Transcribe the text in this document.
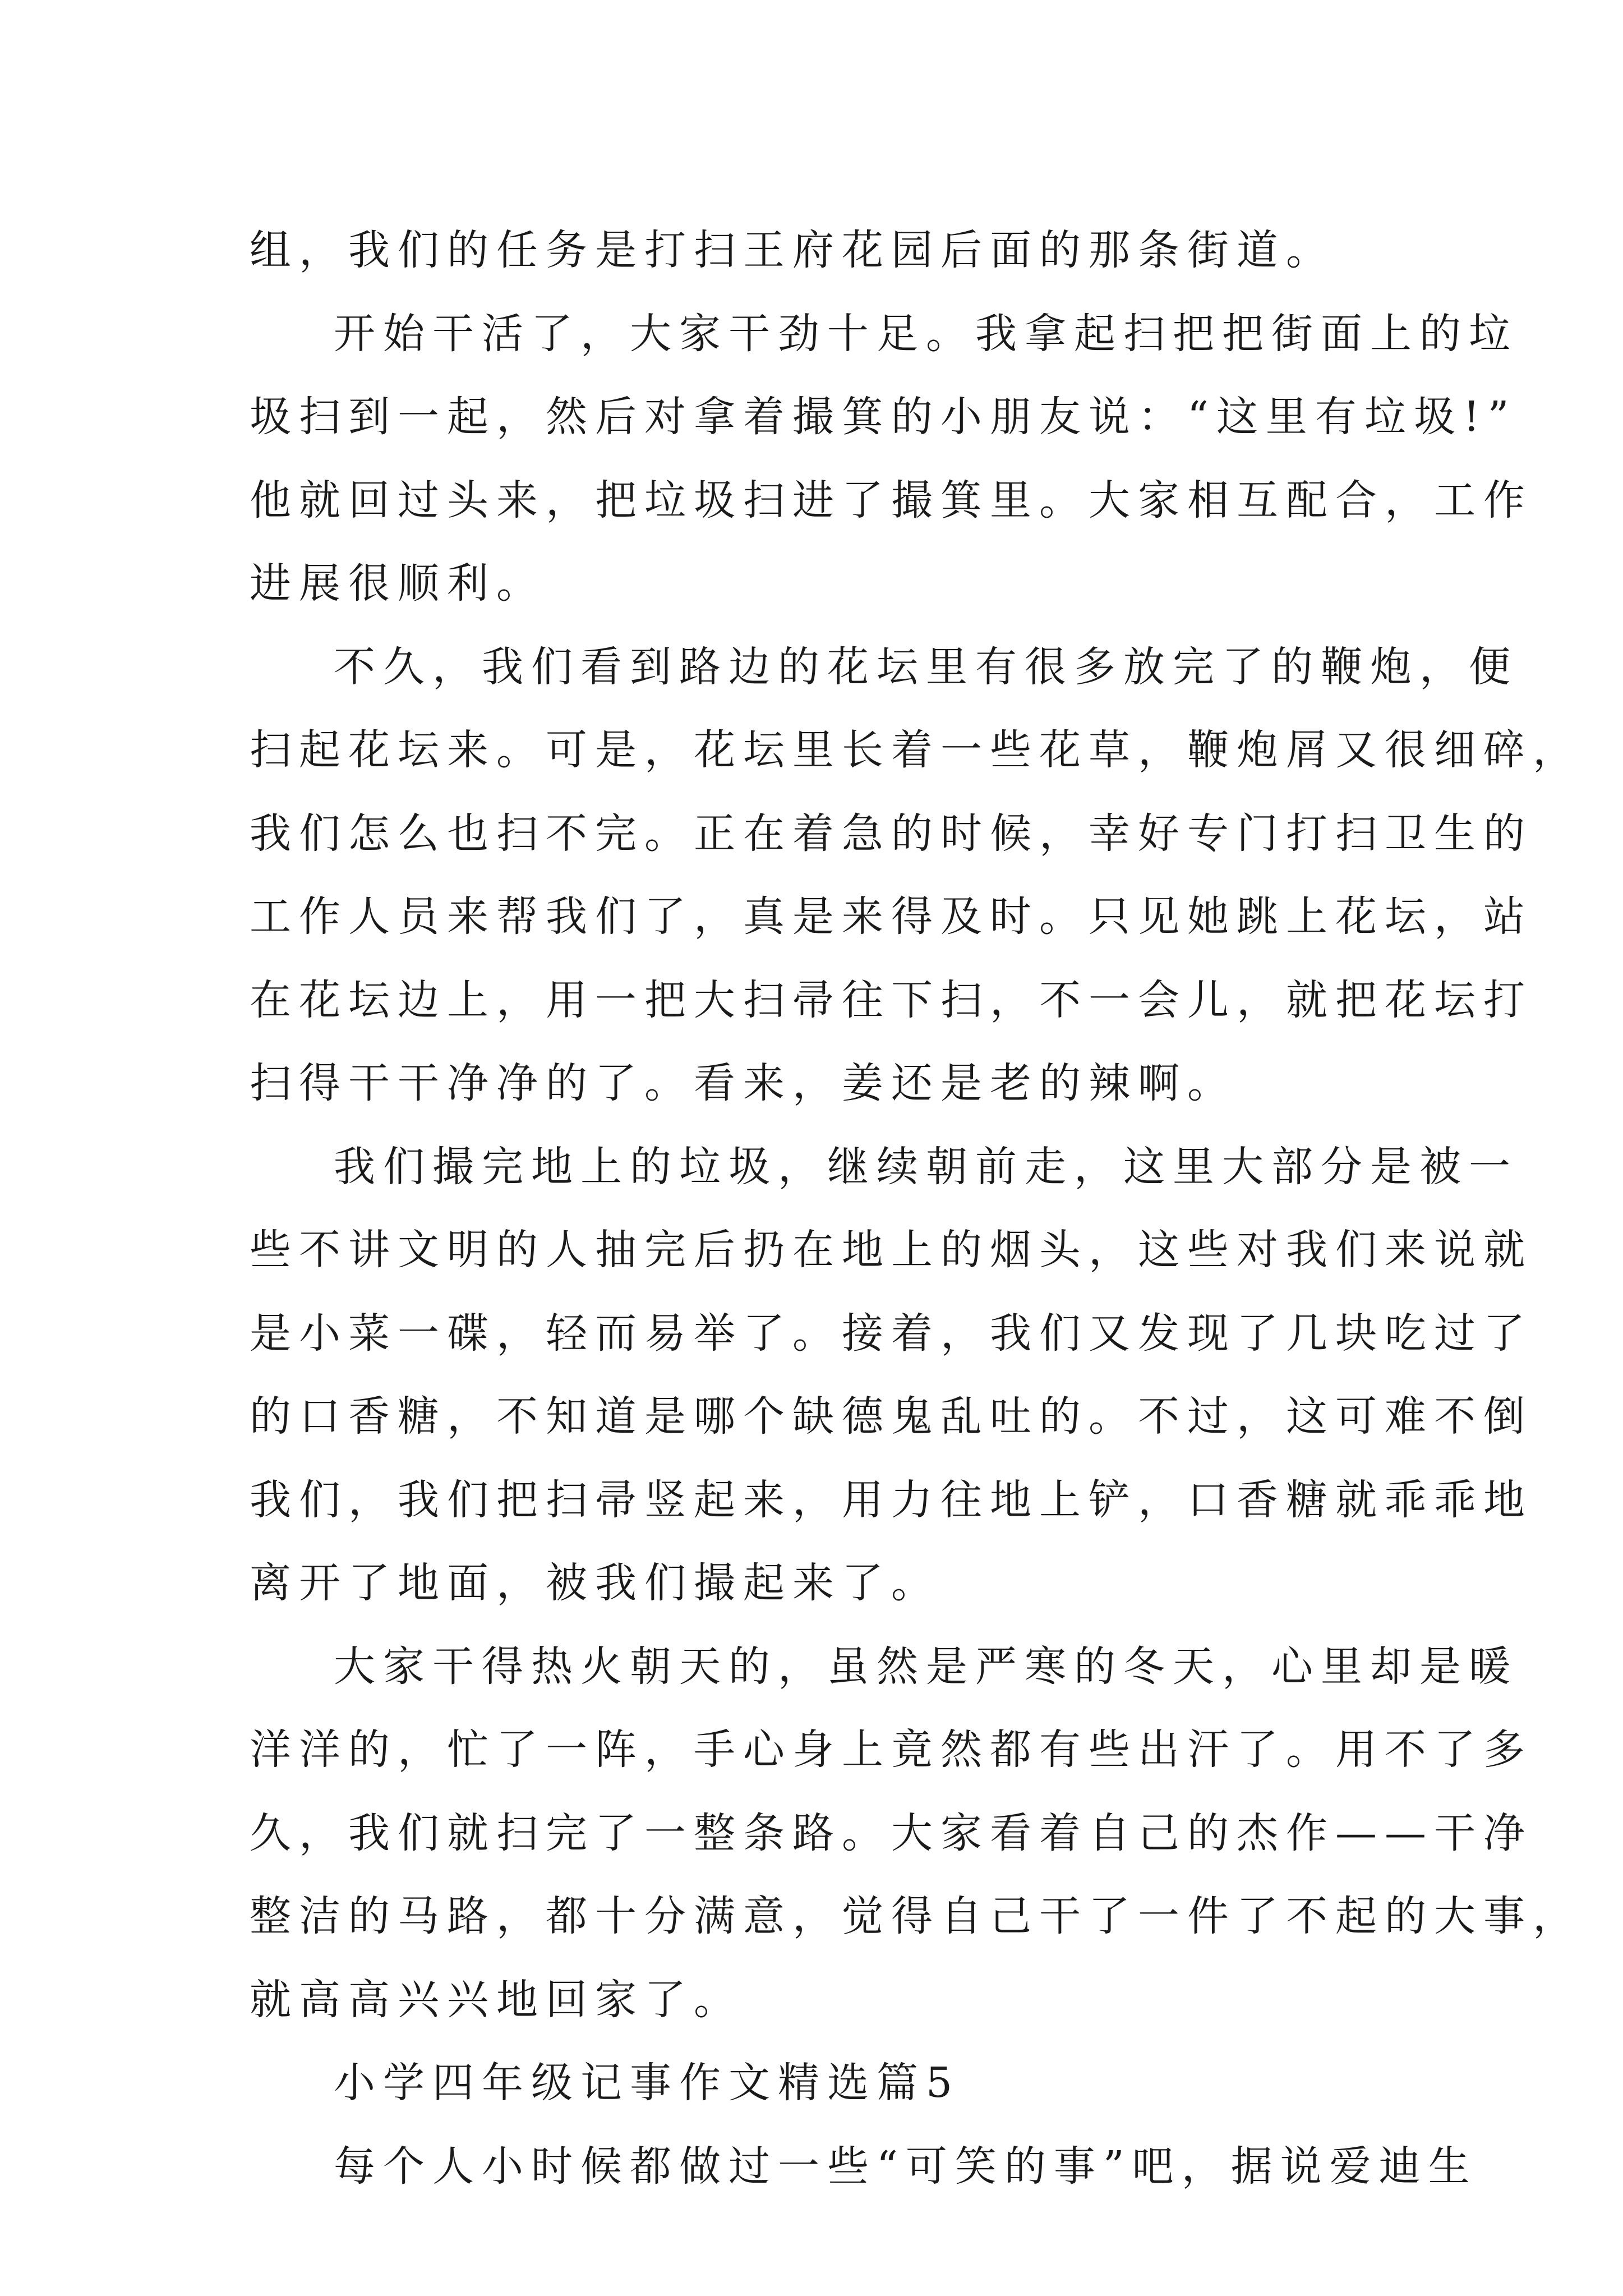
组，我们的任务是打扫王府花园后面的那条街道。
开始干活了，大家干劲十足。我拿起扫把把街面上的垃
圾扫到一起，然后对拿着撮箕的小朋友说：“这里有垃圾!”
他就回过头来，把垃圾扫进了撮箕里。大家相互配合，工作
进展很顺利。
不久，我们看到路边的花坛里有很多放完了的鞭炮，便
扫起花坛来。可是，花坛里长着一些花草，鞭炮屑又很细碎，
我们怎么也扫不完。正在着急的时候，幸好专门打扫卫生的
工作人员来帮我们了，真是来得及时。只见她跳上花坛，站
在花坛边上，用一把大扫帚往下扫，不一会儿，就把花坛打
扫得干干净净的了。看来，姜还是老的辣啊。
我们撮完地上的垃圾，继续朝前走，这里大部分是被一
些不讲文明的人抽完后扔在地上的烟头，这些对我们来说就
是小菜一碟，轻而易举了。接着，我们又发现了几块吃过了
的口香糖，不知道是哪个缺德鬼乱吐的。不过，这可难不倒
我们，我们把扫帚竖起来，用力往地上铲，口香糖就乖乖地
离开了地面，被我们撮起来了。
大家干得热火朝天的，虽然是严寒的冬天，心里却是暖
洋洋的，忙了一阵，手心身上竟然都有些出汗了。用不了多
久，我们就扫完了一整条路。大家看着自己的杰作——干净
整洁的马路，都十分满意，觉得自己干了一件了不起的大事，
就高高兴兴地回家了。
小学四年级记事作文精选篇5
每个人小时候都做过一些“可笑的事”吧，据说爱迪生
